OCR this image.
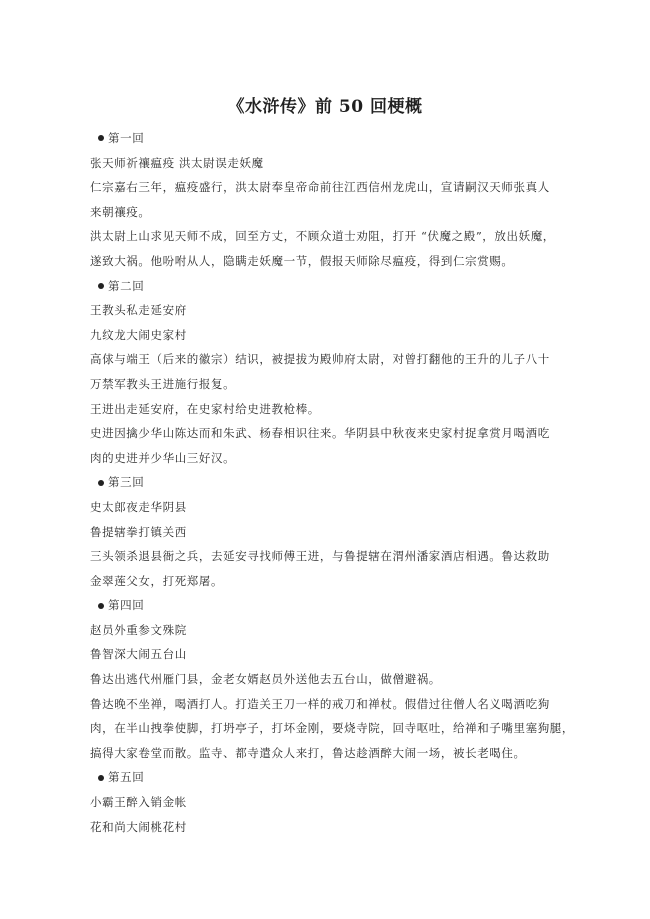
《水浒传》前 50 回梗概
第一回
张天师祈禳瘟疫 洪太尉误走妖魔
仁宗嘉右三年，瘟疫盛行，洪太尉奉皇帝命前往江西信州龙虎山，宣请嗣汉天师张真人
来朝禳疫。
洪太尉上山求见天师不成，回至方丈，不顾众道士劝阻，打开 “伏魔之殿”，放出妖魔，
遂致大祸。他吩咐从人，隐瞒走妖魔一节，假报天师除尽瘟疫，得到仁宗赏赐。
第二回
王教头私走延安府
九纹龙大闹史家村
高俅与端王（后来的徽宗）结识，被提拔为殿帅府太尉，对曾打翻他的王升的儿子八十
万禁军教头王进施行报复。
王进出走延安府，在史家村给史进教枪棒。
史进因擒少华山陈达而和朱武、杨春相识往来。华阴县中秋夜来史家村捉拿赏月喝酒吃
肉的史进并少华山三好汉。
第三回
史太郎夜走华阴县
鲁提辖拳打镇关西
三头领杀退县衙之兵，去延安寻找师傅王进，与鲁提辖在渭州潘家酒店相遇。鲁达救助
金翠莲父女，打死郑屠。
第四回
赵员外重参文殊院
鲁智深大闹五台山
鲁达出逃代州雁门县，金老女婿赵员外送他去五台山，做僧避祸。
鲁达晚不坐禅，喝酒打人。打造关王刀一样的戒刀和禅杖。假借过往僧人名义喝酒吃狗
肉，在半山拽拳使脚，打坍亭子，打坏金刚，要烧寺院，回寺呕吐，给禅和子嘴里塞狗腿，
搞得大家卷堂而散。监寺、都寺遣众人来打，鲁达趁酒醉大闹一场，被长老喝住。
第五回
小霸王醉入销金帐
花和尚大闹桃花村
